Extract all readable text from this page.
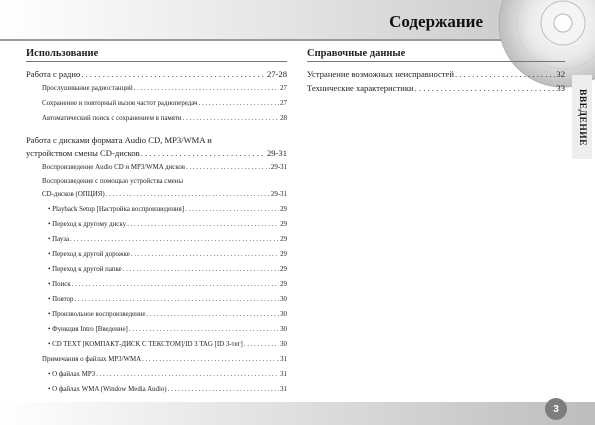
Содержание
ВВЕДЕНИЕ
Использование
Работа с радио . . .	27-28
Прослушивание радиостанций . . .	27
Сохранение и повторный вызов частот радиопередач . . .	27
Автоматический поиск с сохранением в памяти . . .	28
Работа с дисками формата Audio CD, MP3/WMA и
устройством смены CD-дисков . . .	29-31
Воспроизведение Audio CD и MP3/WMA дисков . . .	29-31
Воспроизведение с помощью устройства смены
CD-дисков (ОПЦИЯ) . . .	29-31
• Playback Setup [Настройка воспроизведения] . . .	29
• Переход к другому диску . . .	29
• Пауза . . .	29
• Переход к другой дорожке . . .	29
• Переход к другой папке . . .	29
• Поиск . . .	29
• Повтор . . .	30
• Произвольное воспроизведение . . .	30
• Функция Intro [Введение] . . .	30
• CD TEXT [КОМПАКТ-ДИСК С ТЕКСТОМ]/ID 3 TAG [ID 3-тег] . . .	30
Примечания о файлах MP3/WMA . . .	31
• О файлах MP3 . . .	31
• О файлах WMA (Window Media Audio) . . .	31
Справочные данные
Устранение возможных неисправностей . . .	32
Технические характеристики . . .	33
3
